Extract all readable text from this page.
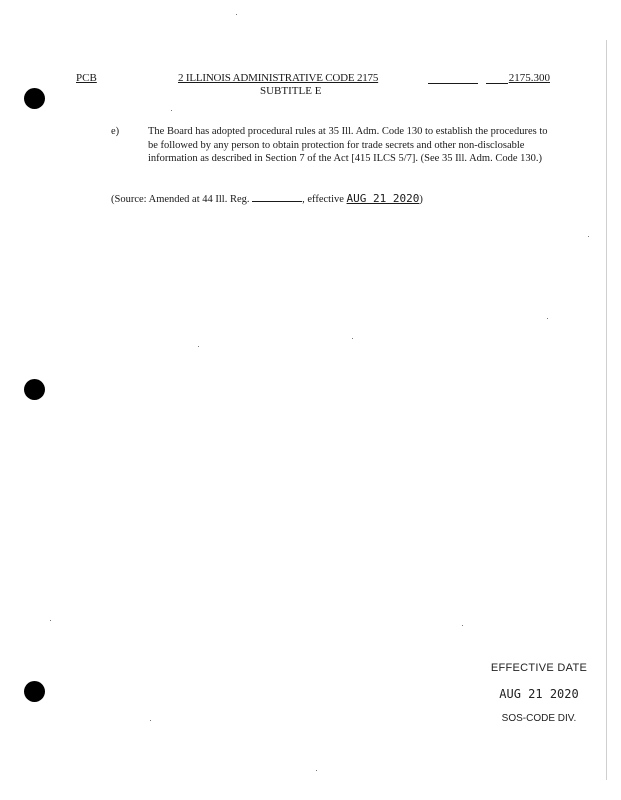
PCB	2 ILLINOIS ADMINISTRATIVE CODE 2175	2175.300
SUBTITLE E
e)	The Board has adopted procedural rules at 35 Ill. Adm. Code 130 to establish the procedures to be followed by any person to obtain protection for trade secrets and other non-disclosable information as described in Section 7 of the Act [415 ILCS 5/7]. (See 35 Ill. Adm. Code 130.)
(Source: Amended at 44 Ill. Reg.	, effective AUG 21 2020)
EFFECTIVE DATE
AUG 21 2020
SOS-CODE DIV.
